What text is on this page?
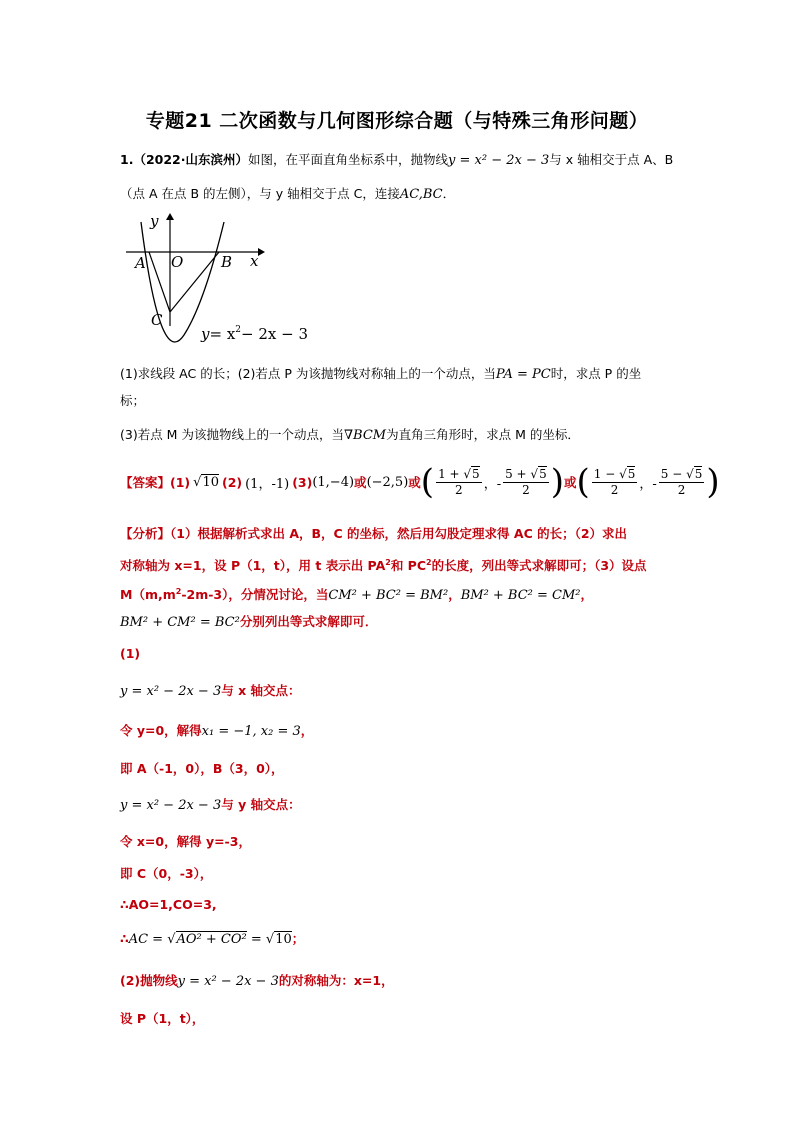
专题21 二次函数与几何图形综合题（与特殊三角形问题）
1.（2022·山东滨州）如图，在平面直角坐标系中，抛物线y = x² − 2x − 3与 x 轴相交于点 A、B
（点 A 在点 B 的左侧），与 y 轴相交于点 C，连接AC,BC．
y
x
A O	B
C
$y= x^2- 2x - 3$
(1)求线段 AC 的长；(2)若点 P 为该抛物线对称轴上的一个动点，当PA = PC时，求点 P 的坐
标；
(3)若点 M 为该抛物线上的一个动点，当∇BCM为直角三角形时，求点 M 的坐标．
【答案】 (1) √10 (2) (1，-1) (3) (1,−4) 或 (−2,5) 或 ( $\frac{1 + √5}{2}$ ，- $\frac{5 + √5}{2}$ ) 或 ( $\frac{1 - √5}{2}$ ，- $\frac{5 - √5}{2}$ )
【分析】（1）根据解析式求出 A，B，C 的坐标，然后用勾股定理求得 AC 的长；（2）求出
对称轴为 x=1，设 P（1，t），用 t 表示出 $PA^2$和 $PC^2$的长度，列出等式求解即可；（3）设点
$M(m,m^2-2m-3)$，分情况讨论，当CM² + BC² = BM²，BM² + BC² = CM²，
BM² + CM² = BC²分别列出等式求解即可．
(1)
y = x² − 2x − 3与 x 轴交点：
令 y=0，解得x₁ = −1, x₂ = 3，
即 A（-1，0），B（3，0），
y = x² − 2x − 3与 y 轴交点：
令 x=0，解得 y=-3，
即 C（0，-3），
∴AO=1,CO=3,
∴AC = √AO² + CO² = √10；
(2)抛物线y = x² − 2x − 3的对称轴为：x=1，
设 P（1，t），
